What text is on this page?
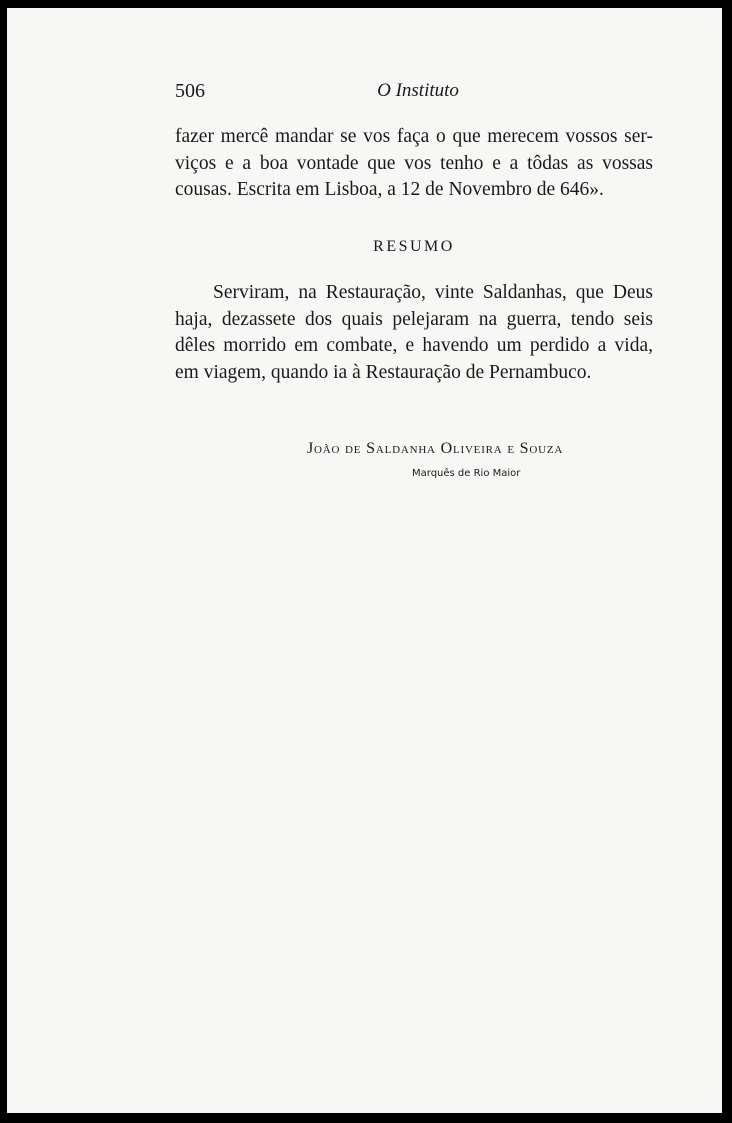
506	O Instituto
fazer mercê mandar se vos faça o que merecem vossos ser-
viços e a boa vontade que vos tenho e a tôdas as vossas
cousas. Escrita em Lisboa, a 12 de Novembro de 646».
RESUMO
Serviram, na Restauração, vinte Saldanhas, que Deus
haja, dezassete dos quais pelejaram na guerra, tendo seis
dêles morrido em combate, e havendo um perdido a vida,
em viagem, quando ia à Restauração de Pernambuco.
João de Saldanha Oliveira e Souza
Marquês de Rio Maior
